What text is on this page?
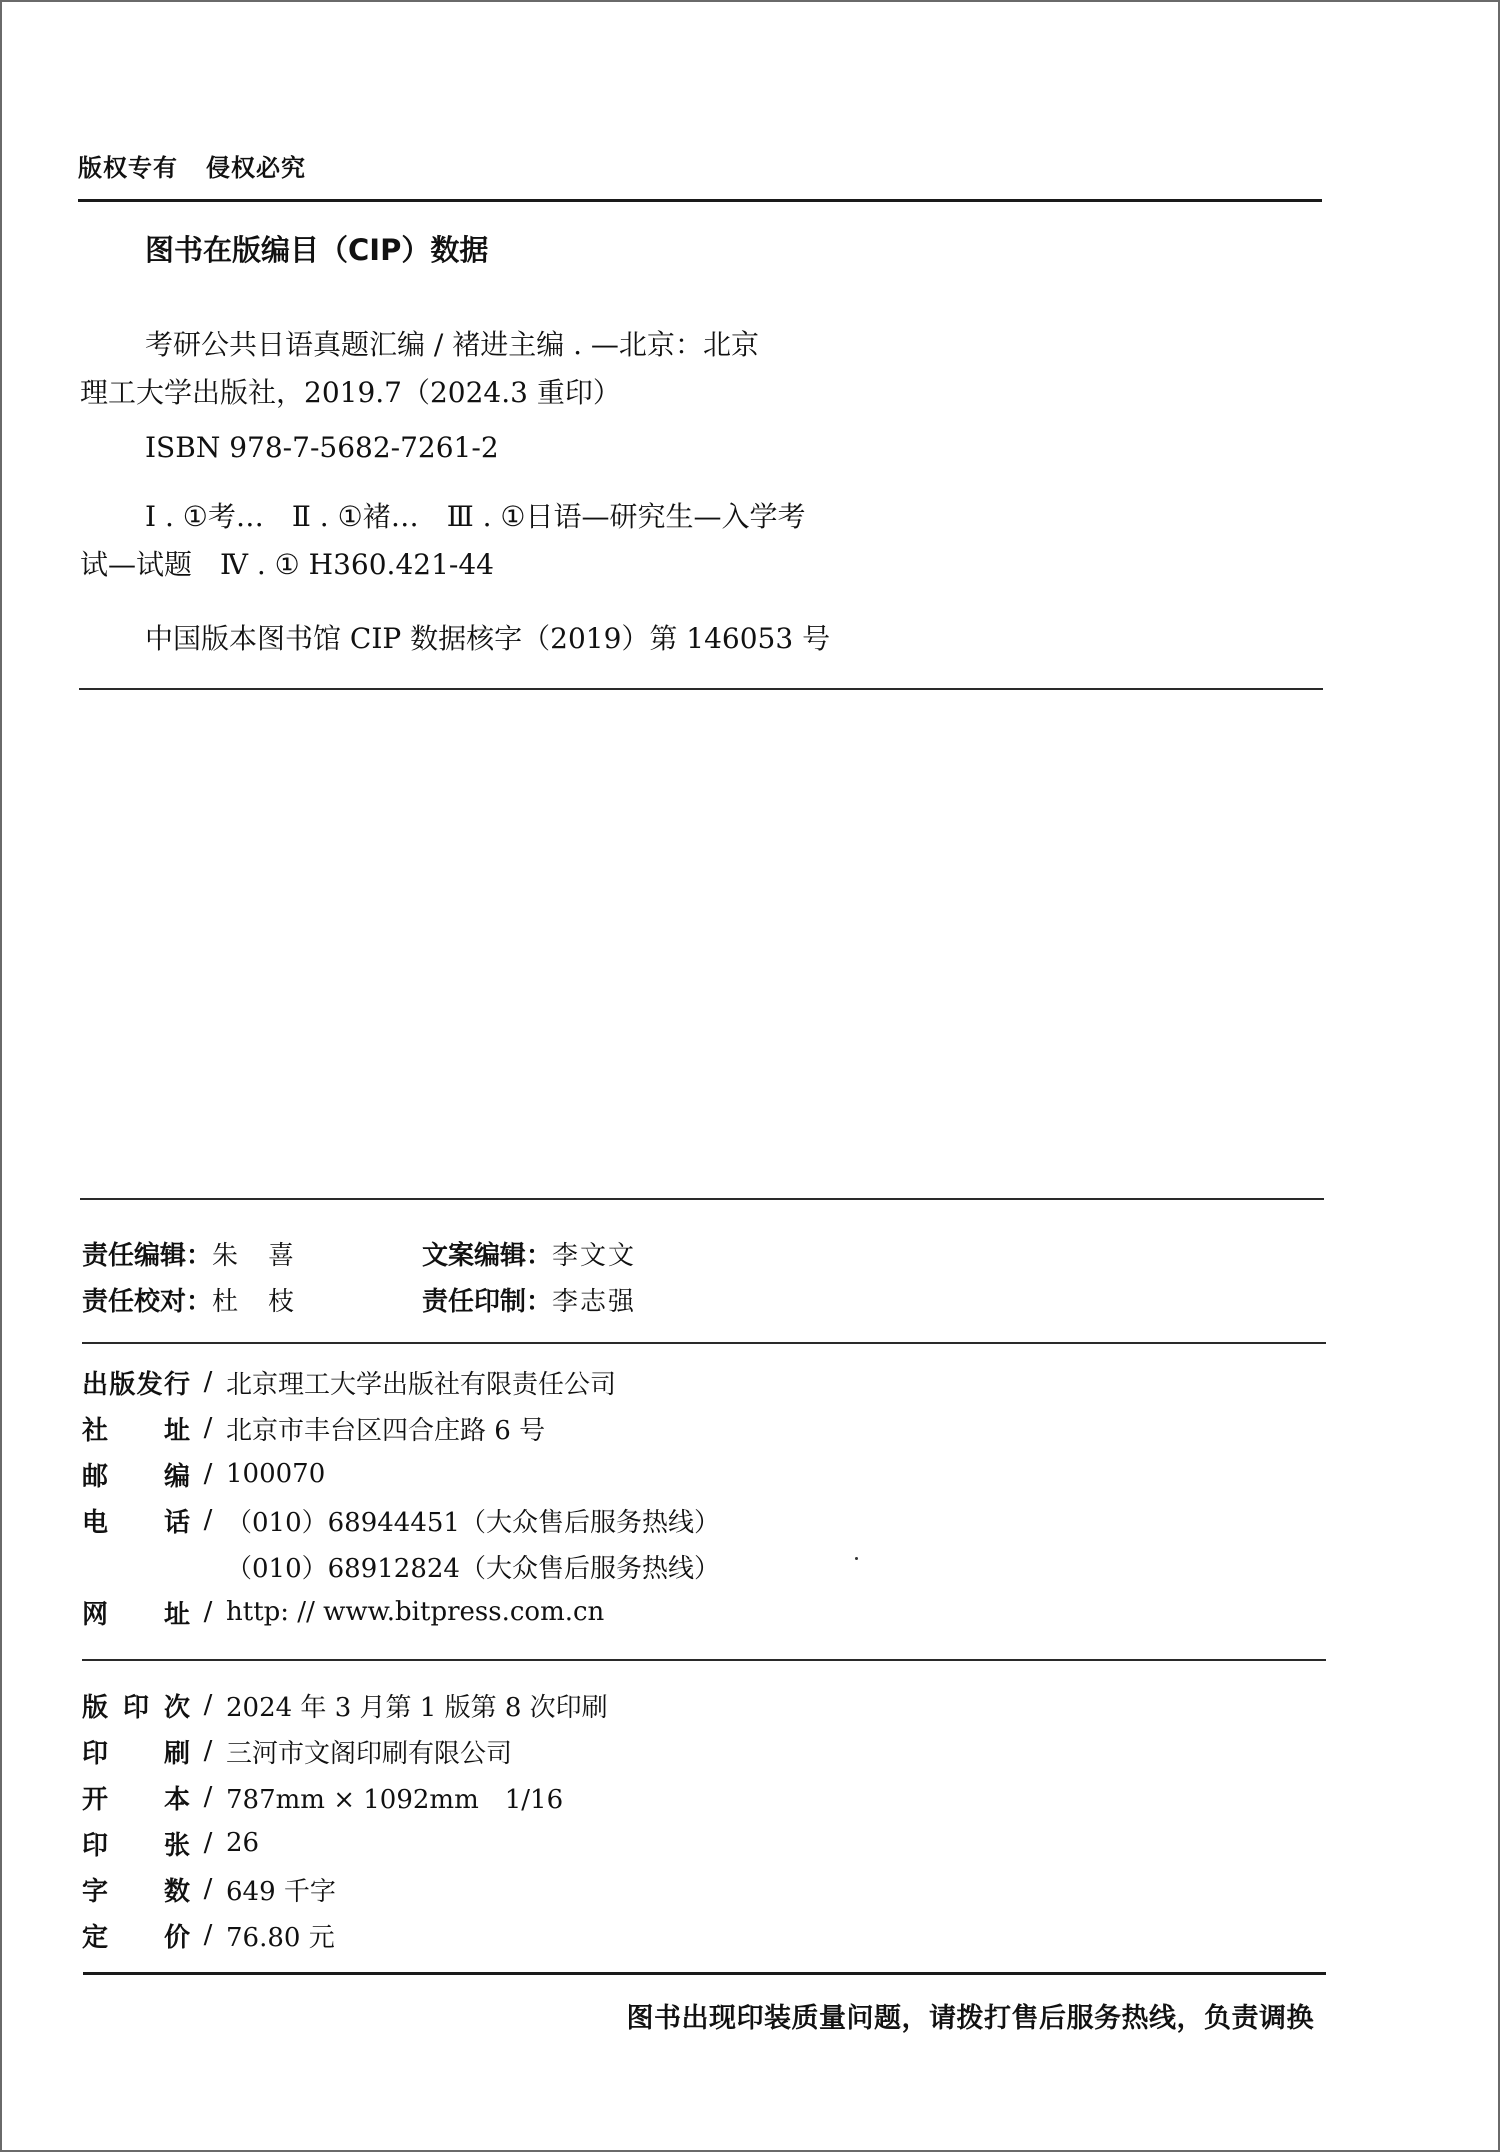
版权专有 侵权必究
图书在版编目（CIP）数据
考研公共日语真题汇编 / 褚进主编 . —北京：北京
理工大学出版社，2019.7（2024.3 重印）
ISBN 978-7-5682-7261-2
Ⅰ . ①考…　Ⅱ . ①褚…　Ⅲ . ①日语—研究生—入学考
试—试题　Ⅳ . ① H360.421-44
中国版本图书馆 CIP 数据核字（2019）第 146053 号
责任编辑： 朱　喜	文案编辑： 李文文
责任校对： 杜　枝	责任印制： 李志强
出 版 发 行 / 北京理工大学出版社有限责任公司
社 址 / 北京市丰台区四合庄路 6 号
邮 编 / 100070
电 话 / （010）68944451（大众售后服务热线）
（010）68912824（大众售后服务热线）
网 址 / http: // www.bitpress.com.cn
版 印 次 / 2024 年 3 月第 1 版第 8 次印刷
印 刷 / 三河市文阁印刷有限公司
开 本 / 787mm × 1092mm　1/16
印 张 / 26
字 数 / 649 千字
定 价 / 76.80 元
图书出现印装质量问题，请拨打售后服务热线，负责调换
